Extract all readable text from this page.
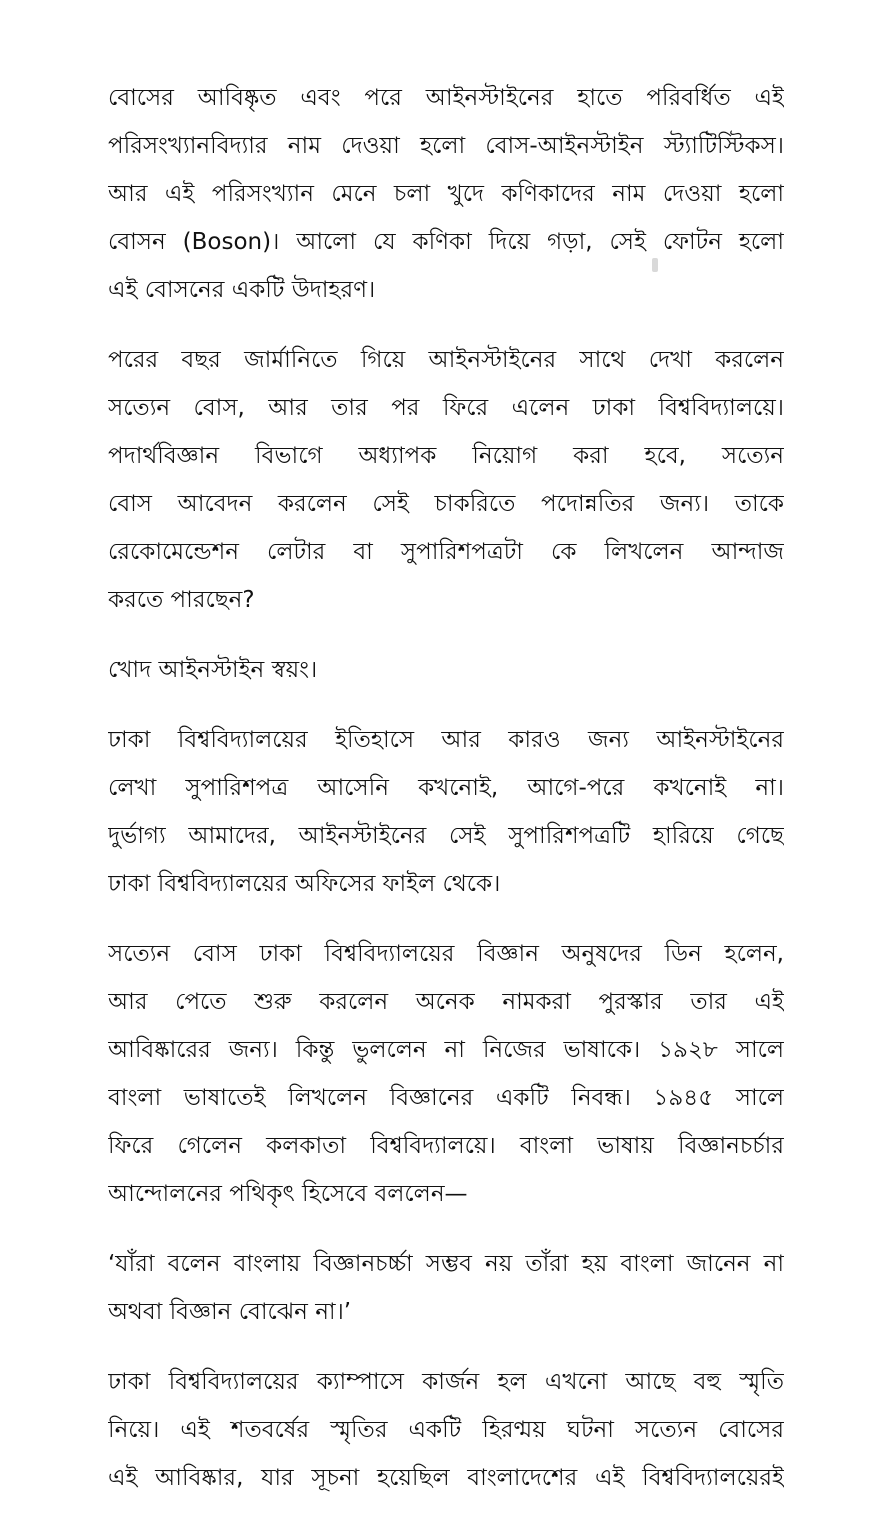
বোসের আবিষ্কৃত এবং পরে আইনস্টাইনের হাতে পরিবর্ধিত এই
পরিসংখ্যানবিদ্যার নাম দেওয়া হলো বোস-আইনস্টাইন স্ট্যাটিস্টিকস।
আর এই পরিসংখ্যান মেনে চলা খুদে কণিকাদের নাম দেওয়া হলো
বোসন (Boson)। আলো যে কণিকা দিয়ে গড়া, সেই ফোটন হলো
এই বোসনের একটি উদাহরণ।

পরের বছর জার্মানিতে গিয়ে আইনস্টাইনের সাথে দেখা করলেন
সত্যেন বোস, আর তার পর ফিরে এলেন ঢাকা বিশ্ববিদ্যালয়ে।
পদার্থবিজ্ঞান বিভাগে অধ্যাপক নিয়োগ করা হবে, সত্যেন
বোস আবেদন করলেন সেই চাকরিতে পদোন্নতির জন্য। তাকে
রেকোমেন্ডেশন লেটার বা সুপারিশপত্রটা কে লিখলেন আন্দাজ
করতে পারছেন?

খোদ আইনস্টাইন স্বয়ং।

ঢাকা বিশ্ববিদ্যালয়ের ইতিহাসে আর কারও জন্য আইনস্টাইনের
লেখা সুপারিশপত্র আসেনি কখনোই, আগে-পরে কখনোই না।
দুর্ভাগ্য আমাদের, আইনস্টাইনের সেই সুপারিশপত্রটি হারিয়ে গেছে
ঢাকা বিশ্ববিদ্যালয়ের অফিসের ফাইল থেকে।

সত্যেন বোস ঢাকা বিশ্ববিদ্যালয়ের বিজ্ঞান অনুষদের ডিন হলেন,
আর পেতে শুরু করলেন অনেক নামকরা পুরস্কার তার এই
আবিষ্কারের জন্য। কিন্তু ভুললেন না নিজের ভাষাকে। ১৯২৮ সালে
বাংলা ভাষাতেই লিখলেন বিজ্ঞানের একটি নিবন্ধ। ১৯৪৫ সালে
ফিরে গেলেন কলকাতা বিশ্ববিদ্যালয়ে। বাংলা ভাষায় বিজ্ঞানচর্চার
আন্দোলনের পথিকৃৎ হিসেবে বললেন—

‘যাঁরা বলেন বাংলায় বিজ্ঞানচর্চ্চা সম্ভব নয় তাঁরা হয় বাংলা জানেন না
অথবা বিজ্ঞান বোঝেন না।’

ঢাকা বিশ্ববিদ্যালয়ের ক্যাম্পাসে কার্জন হল এখনো আছে বহু স্মৃতি
নিয়ে। এই শতবর্ষের স্মৃতির একটি হিরণ্ময় ঘটনা সত্যেন বোসের
এই আবিষ্কার, যার সূচনা হয়েছিল বাংলাদেশের এই বিশ্ববিদ্যালয়েরই
